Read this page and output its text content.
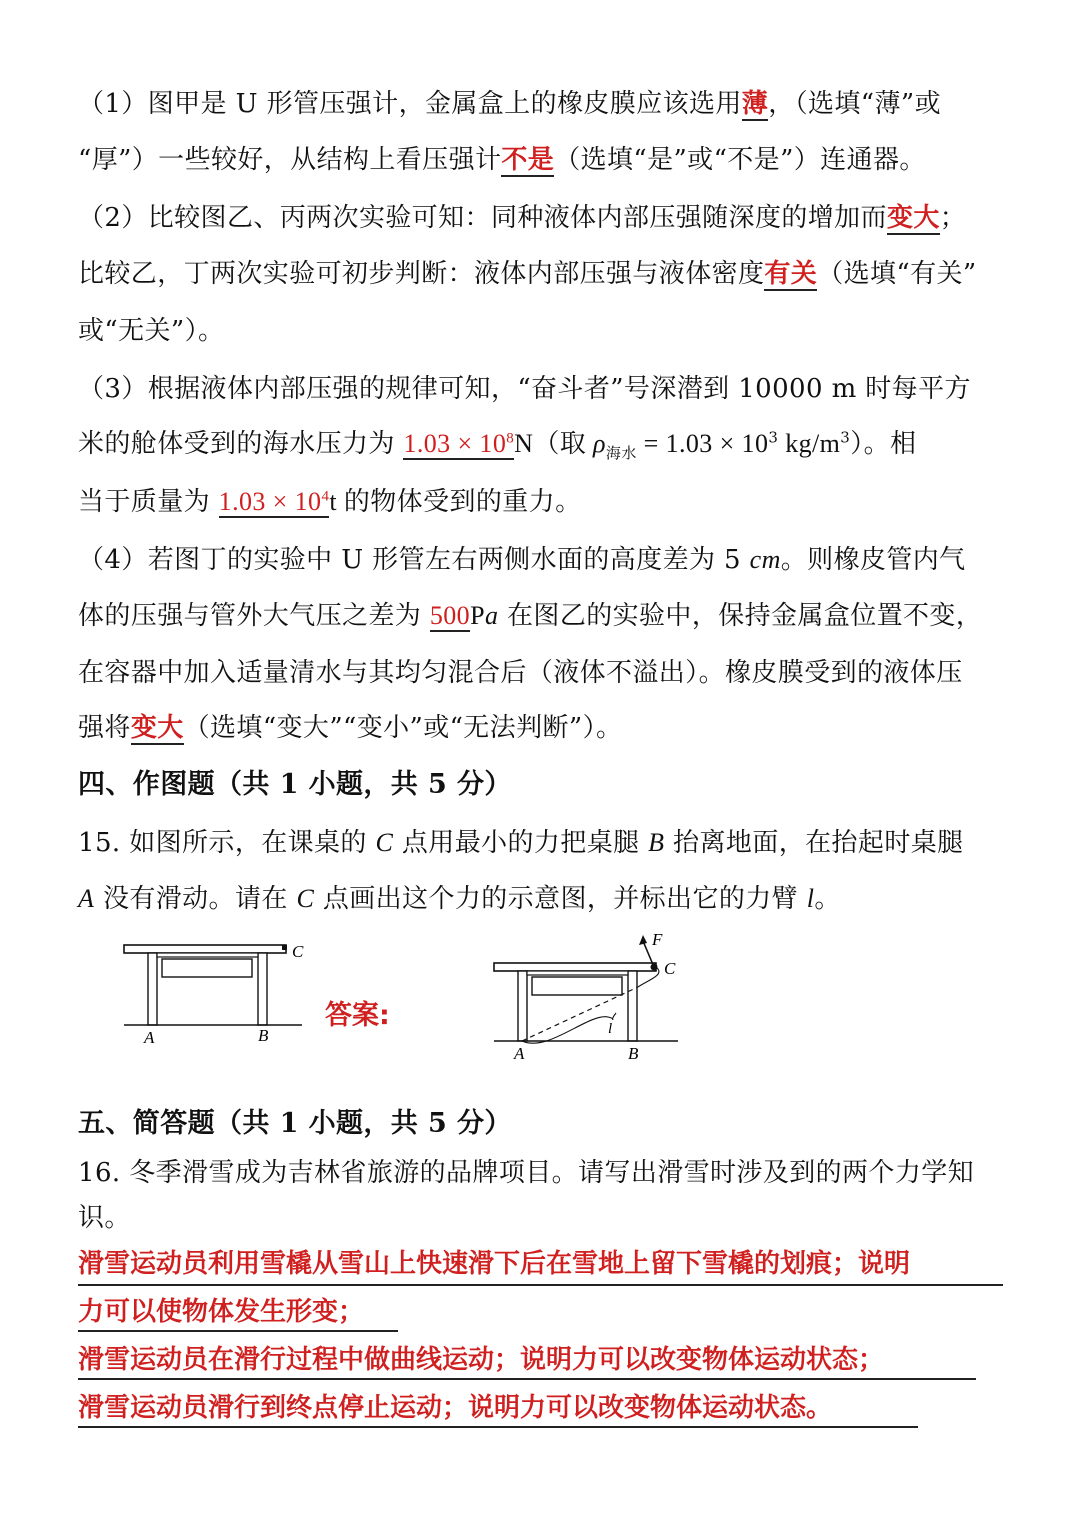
（1）图甲是 U 形管压强计，金属盒上的橡皮膜应该选用薄，（选填“薄”或
“厚”）一些较好，从结构上看压强计不是（选填“是”或“不是”）连通器。
（2）比较图乙、丙两次实验可知：同种液体内部压强随深度的增加而变大；
比较乙，丁两次实验可初步判断：液体内部压强与液体密度有关（选填“有关”
或“无关”）。
（3）根据液体内部压强的规律可知，“奋斗者”号深潜到 10000 m 时每平方
米的舱体受到的海水压力为 $1.03 \times 10^8N$（取 $\rho_{海水} = 1.03 \times 10^3$ $kg/m^3$）。相
当于质量为 $1.03 \times 10^4t$ 的物体受到的重力。
（4）若图丁的实验中 U 形管左右两侧水面的高度差为 5 cm。则橡皮管内气
体的压强与管外大气压之差为 500Pa 在图乙的实验中，保持金属盒位置不变，
在容器中加入适量清水与其均匀混合后（液体不溢出）。橡皮膜受到的液体压
强将变大（选填“变大”“变小”或“无法判断”）。
四、作图题（共 1 小题，共 5 分）
15. 如图所示，在课桌的 C 点用最小的力把桌腿 B 抬离地面，在抬起时桌腿
A 没有滑动。请在 C 点画出这个力的示意图，并标出它的力臂 l。
C
A	B
答案:
F
C
l
A	B
五、简答题（共 1 小题，共 5 分）
16. 冬季滑雪成为吉林省旅游的品牌项目。请写出滑雪时涉及到的两个力学知
识。
滑雪运动员利用雪橇从雪山上快速滑下后在雪地上留下雪橇的划痕；说明
力可以使物体发生形变；
滑雪运动员在滑行过程中做曲线运动；说明力可以改变物体运动状态；
滑雪运动员滑行到终点停止运动；说明力可以改变物体运动状态。
